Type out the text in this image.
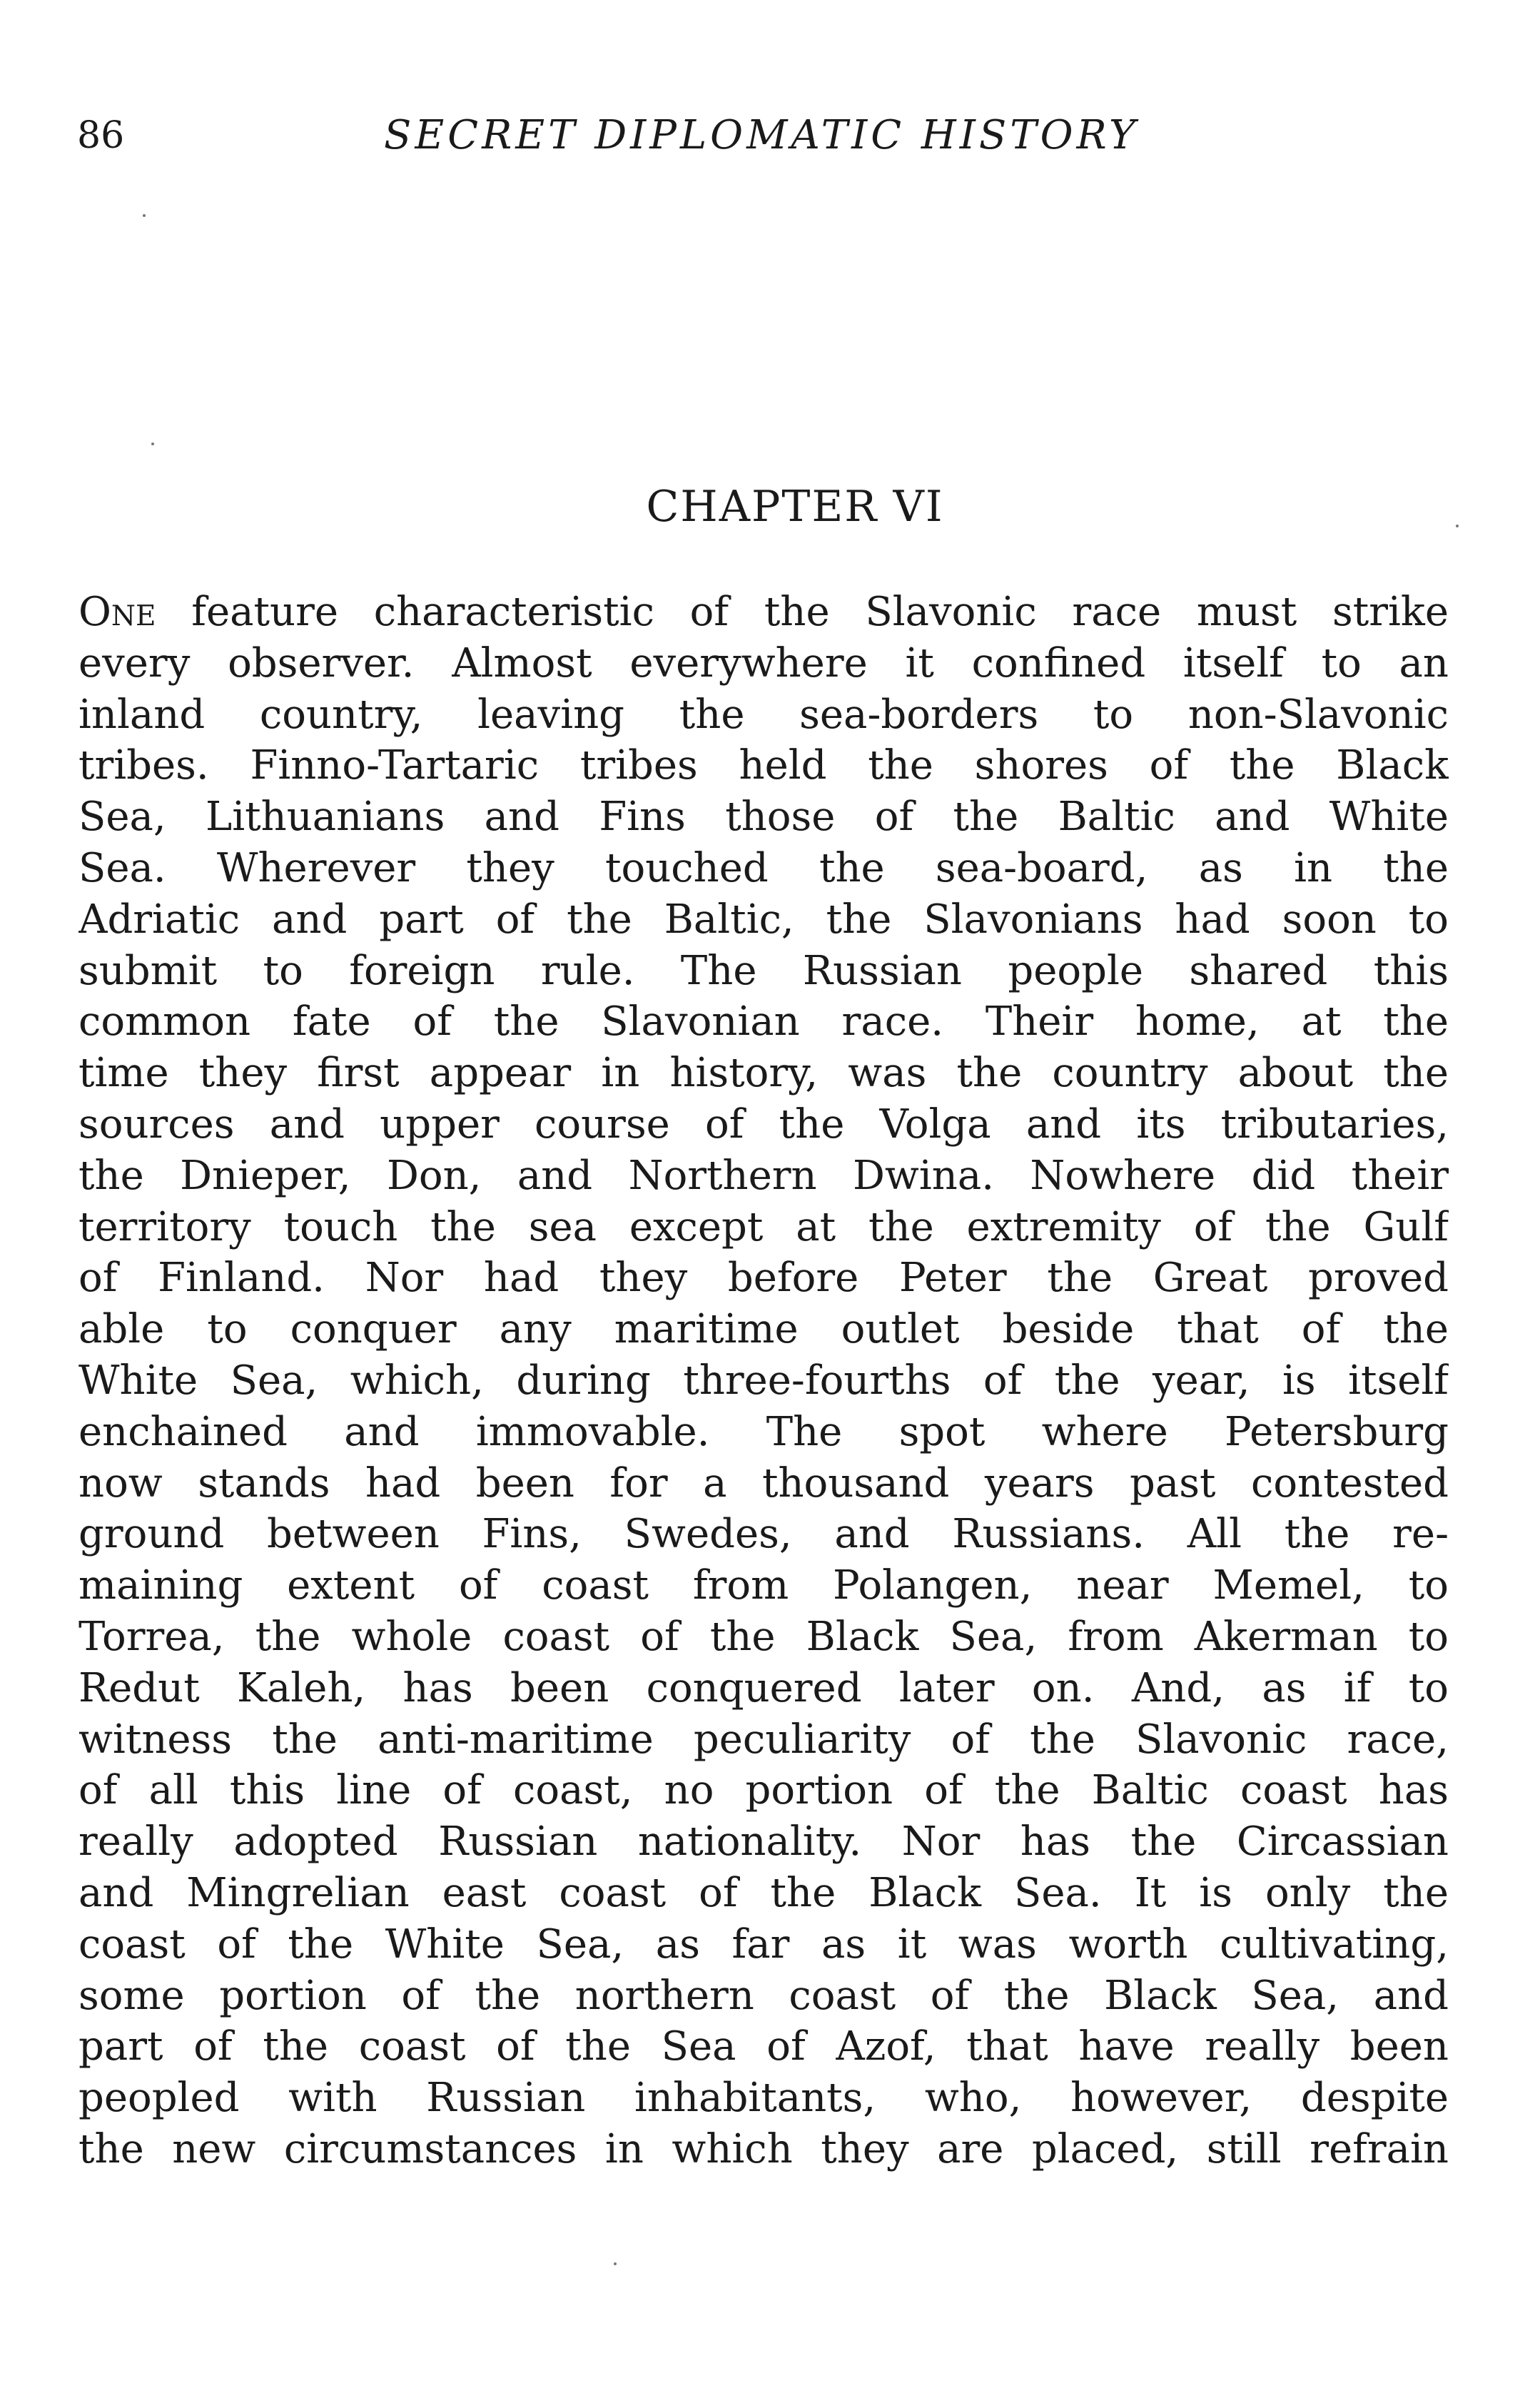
86	SECRET DIPLOMATIC HISTORY
CHAPTER VI
One feature characteristic of the Slavonic race must strike
every observer. Almost everywhere it confined itself to an
inland country, leaving the sea-borders to non-Slavonic
tribes. Finno-Tartaric tribes held the shores of the Black
Sea, Lithuanians and Fins those of the Baltic and White
Sea. Wherever they touched the sea-board, as in the
Adriatic and part of the Baltic, the Slavonians had soon to
submit to foreign rule. The Russian people shared this
common fate of the Slavonian race. Their home, at the
time they first appear in history, was the country about the
sources and upper course of the Volga and its tributaries,
the Dnieper, Don, and Northern Dwina. Nowhere did their
territory touch the sea except at the extremity of the Gulf
of Finland. Nor had they before Peter the Great proved
able to conquer any maritime outlet beside that of the
White Sea, which, during three-fourths of the year, is itself
enchained and immovable. The spot where Petersburg
now stands had been for a thousand years past contested
ground between Fins, Swedes, and Russians. All the re-
maining extent of coast from Polangen, near Memel, to
Torrea, the whole coast of the Black Sea, from Akerman to
Redut Kaleh, has been conquered later on. And, as if to
witness the anti-maritime peculiarity of the Slavonic race,
of all this line of coast, no portion of the Baltic coast has
really adopted Russian nationality. Nor has the Circassian
and Mingrelian east coast of the Black Sea. It is only the
coast of the White Sea, as far as it was worth cultivating,
some portion of the northern coast of the Black Sea, and
part of the coast of the Sea of Azof, that have really been
peopled with Russian inhabitants, who, however, despite
the new circumstances in which they are placed, still refrain
